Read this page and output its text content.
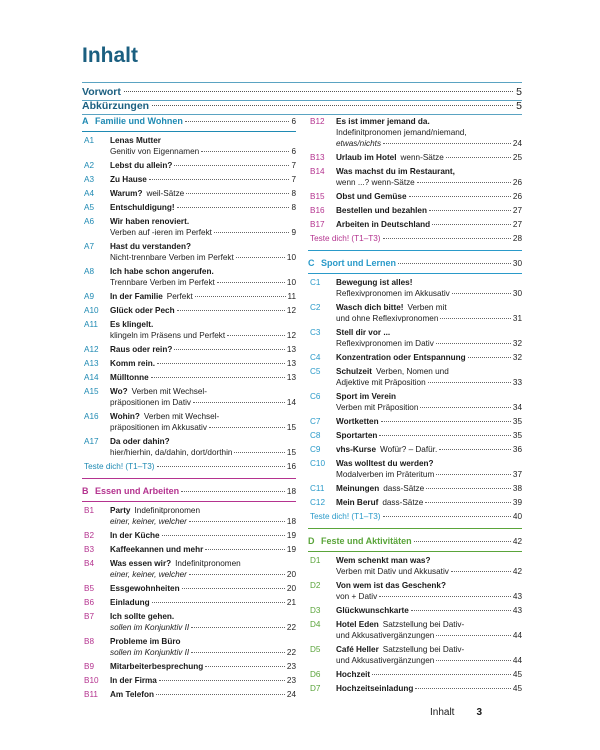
Inhalt
Vorwort	5
Abkürzungen	5
A Familie und Wohnen	6
A1	Lenas Mutter
Genitiv von Eigennamen	6
A2	Lebst du allein?	7
A3	Zu Hause	7
A4	Warum? weil-Sätze	8
A5	Entschuldigung!	8
A6	Wir haben renoviert.
Verben auf -ieren im Perfekt	9
A7	Hast du verstanden?
Nicht-trennbare Verben im Perfekt	10
A8	Ich habe schon angerufen.
Trennbare Verben im Perfekt	10
A9	In der Familie Perfekt	11
A10	Glück oder Pech	12
A11	Es klingelt.
klingeln im Präsens und Perfekt	12
A12	Raus oder rein?	13
A13	Komm rein.	13
A14	Mülltonne	13
A15	Wo? Verben mit Wechsel-
präpositionen im Dativ	14
A16	Wohin? Verben mit Wechsel-
präpositionen im Akkusativ	15
A17	Da oder dahin?
hier/hierhin, da/dahin, dort/dorthin	15
Teste dich! (T1–T3)	16
B Essen und Arbeiten	18
B1	Party Indefinitpronomen
einer, keiner, welcher	18
B2	In der Küche	19
B3	Kaffeekannen und mehr	19
B4	Was essen wir? Indefinitpronomen
einer, keiner, welcher	20
B5	Essgewohnheiten	20
B6	Einladung	21
B7	Ich sollte gehen.
sollen im Konjunktiv II	22
B8	Probleme im Büro
sollen im Konjunktiv II	22
B9	Mitarbeiterbesprechung	23
B10	In der Firma	23
B11	Am Telefon	24
B12	Es ist immer jemand da.
Indefinitpronomen jemand/niemand,
etwas/nichts	24
B13	Urlaub im Hotel wenn-Sätze	25
B14	Was machst du im Restaurant,
wenn ...? wenn-Sätze	26
B15	Obst und Gemüse	26
B16	Bestellen und bezahlen	27
B17	Arbeiten in Deutschland	27
Teste dich! (T1–T3)	28
C Sport und Lernen	30
C1	Bewegung ist alles!
Reflexivpronomen im Akkusativ	30
C2	Wasch dich bitte! Verben mit
und ohne Reflexivpronomen	31
C3	Stell dir vor ...
Reflexivpronomen im Dativ	32
C4	Konzentration oder Entspannung	32
C5	Schulzeit Verben, Nomen und
Adjektive mit Präposition	33
C6	Sport im Verein
Verben mit Präposition	34
C7	Wortketten	35
C8	Sportarten	35
C9	vhs-Kurse Wofür? – Dafür.	36
C10	Was wolltest du werden?
Modalverben im Präteritum	37
C11	Meinungen dass-Sätze	38
C12	Mein Beruf dass-Sätze	39
Teste dich! (T1–T3)	40
D Feste und Aktivitäten	42
D1	Wem schenkt man was?
Verben mit Dativ und Akkusativ	42
D2	Von wem ist das Geschenk?
von + Dativ	43
D3	Glückwunschkarte	43
D4	Hotel Eden Satzstellung bei Dativ-
und Akkusativergänzungen	44
D5	Café Heller Satzstellung bei Dativ-
und Akkusativergänzungen	44
D6	Hochzeit	45
D7	Hochzeitseinladung	45
Inhalt 3
